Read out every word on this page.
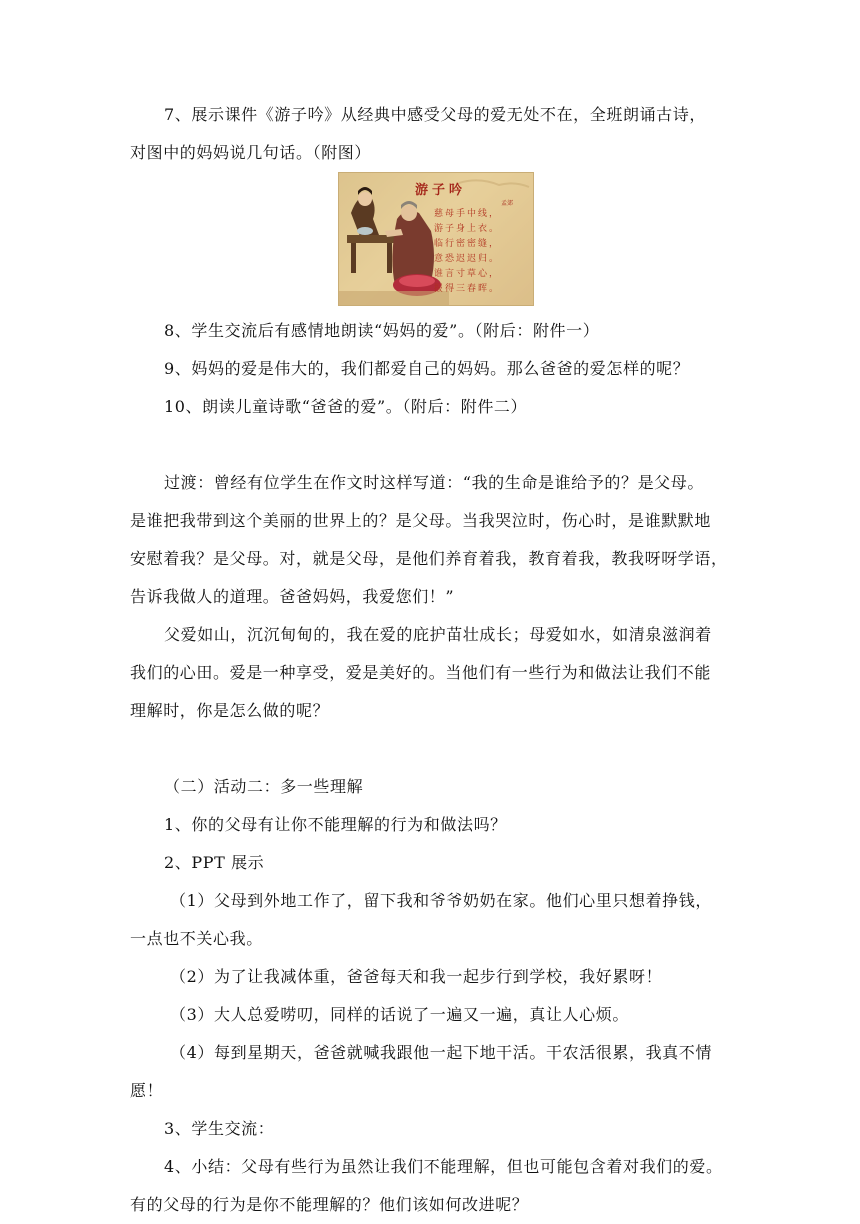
7、展示课件《游子吟》从经典中感受父母的爱无处不在，全班朗诵古诗，

对图中的妈妈说几句话。（附图）

游子吟
孟郊
慈母手中线，
游子身上衣。
临行密密缝，
意恐迟迟归。
谁言寸草心，
报得三春晖。

8、学生交流后有感情地朗读“妈妈的爱”。（附后：附件一）

9、妈妈的爱是伟大的，我们都爱自己的妈妈。那么爸爸的爱怎样的呢？

10、朗读儿童诗歌“爸爸的爱”。（附后：附件二）

过渡：曾经有位学生在作文时这样写道：“我的生命是谁给予的？是父母。

是谁把我带到这个美丽的世界上的？是父母。当我哭泣时，伤心时，是谁默默地

安慰着我？是父母。对，就是父母，是他们养育着我，教育着我，教我呀呀学语，

告诉我做人的道理。爸爸妈妈，我爱您们！”

父爱如山，沉沉甸甸的，我在爱的庇护苗壮成长；母爱如水，如清泉滋润着

我们的心田。爱是一种享受，爱是美好的。当他们有一些行为和做法让我们不能

理解时，你是怎么做的呢？

（二）活动二：多一些理解

1、你的父母有让你不能理解的行为和做法吗？

2、PPT 展示

（1）父母到外地工作了，留下我和爷爷奶奶在家。他们心里只想着挣钱，

一点也不关心我。

（2）为了让我减体重，爸爸每天和我一起步行到学校，我好累呀！

（3）大人总爱唠叨，同样的话说了一遍又一遍，真让人心烦。

（4）每到星期天，爸爸就喊我跟他一起下地干活。干农活很累，我真不情

愿！

3、学生交流：

4、小结：父母有些行为虽然让我们不能理解，但也可能包含着对我们的爱。

有的父母的行为是你不能理解的？他们该如何改进呢？
